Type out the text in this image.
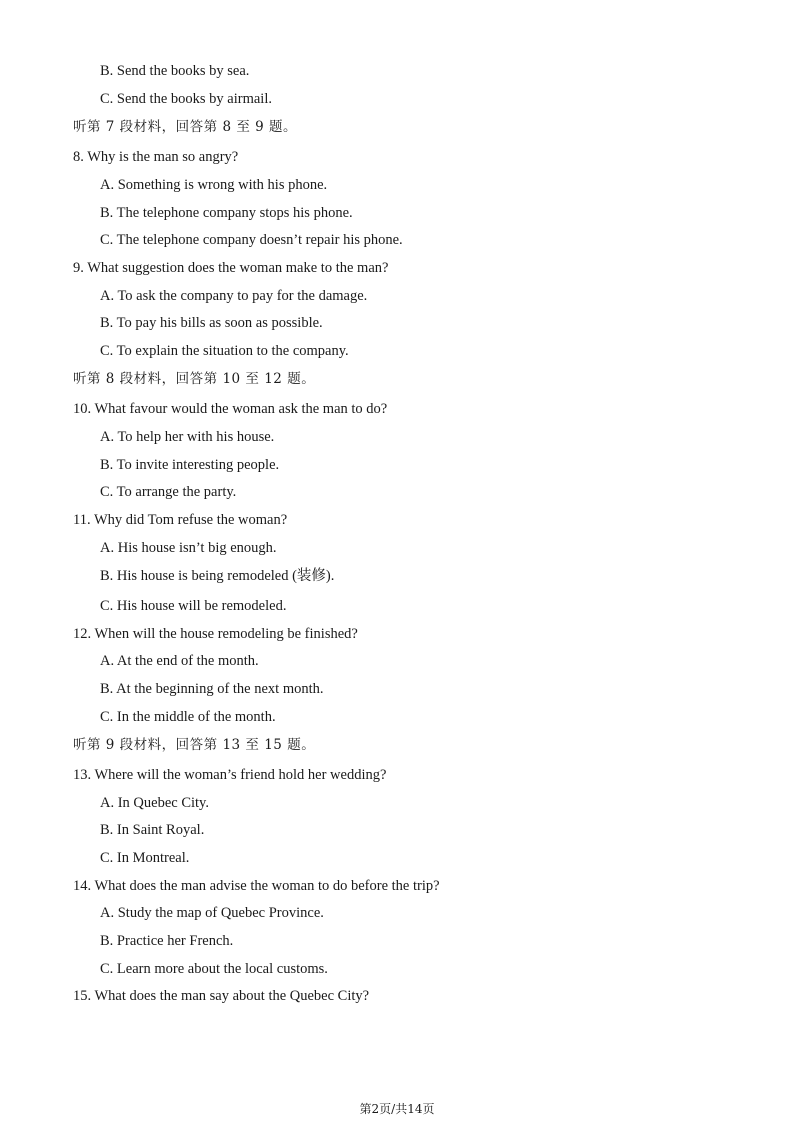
B. Send the books by sea.
C. Send the books by airmail.
听第 7 段材料，回答第 8 至 9 题。
8. Why is the man so angry?
A. Something is wrong with his phone.
B. The telephone company stops his phone.
C. The telephone company doesn’t repair his phone.
9. What suggestion does the woman make to the man?
A. To ask the company to pay for the damage.
B. To pay his bills as soon as possible.
C. To explain the situation to the company.
听第 8 段材料，回答第 10 至 12 题。
10. What favour would the woman ask the man to do?
A. To help her with his house.
B. To invite interesting people.
C. To arrange the party.
11. Why did Tom refuse the woman?
A. His house isn’t big enough.
B. His house is being remodeled (装修).
C. His house will be remodeled.
12. When will the house remodeling be finished?
A. At the end of the month.
B. At the beginning of the next month.
C. In the middle of the month.
听第 9 段材料，回答第 13 至 15 题。
13. Where will the woman’s friend hold her wedding?
A. In Quebec City.
B. In Saint Royal.
C. In Montreal.
14. What does the man advise the woman to do before the trip?
A. Study the map of Quebec Province.
B. Practice her French.
C. Learn more about the local customs.
15. What does the man say about the Quebec City?
第2页/共14页
